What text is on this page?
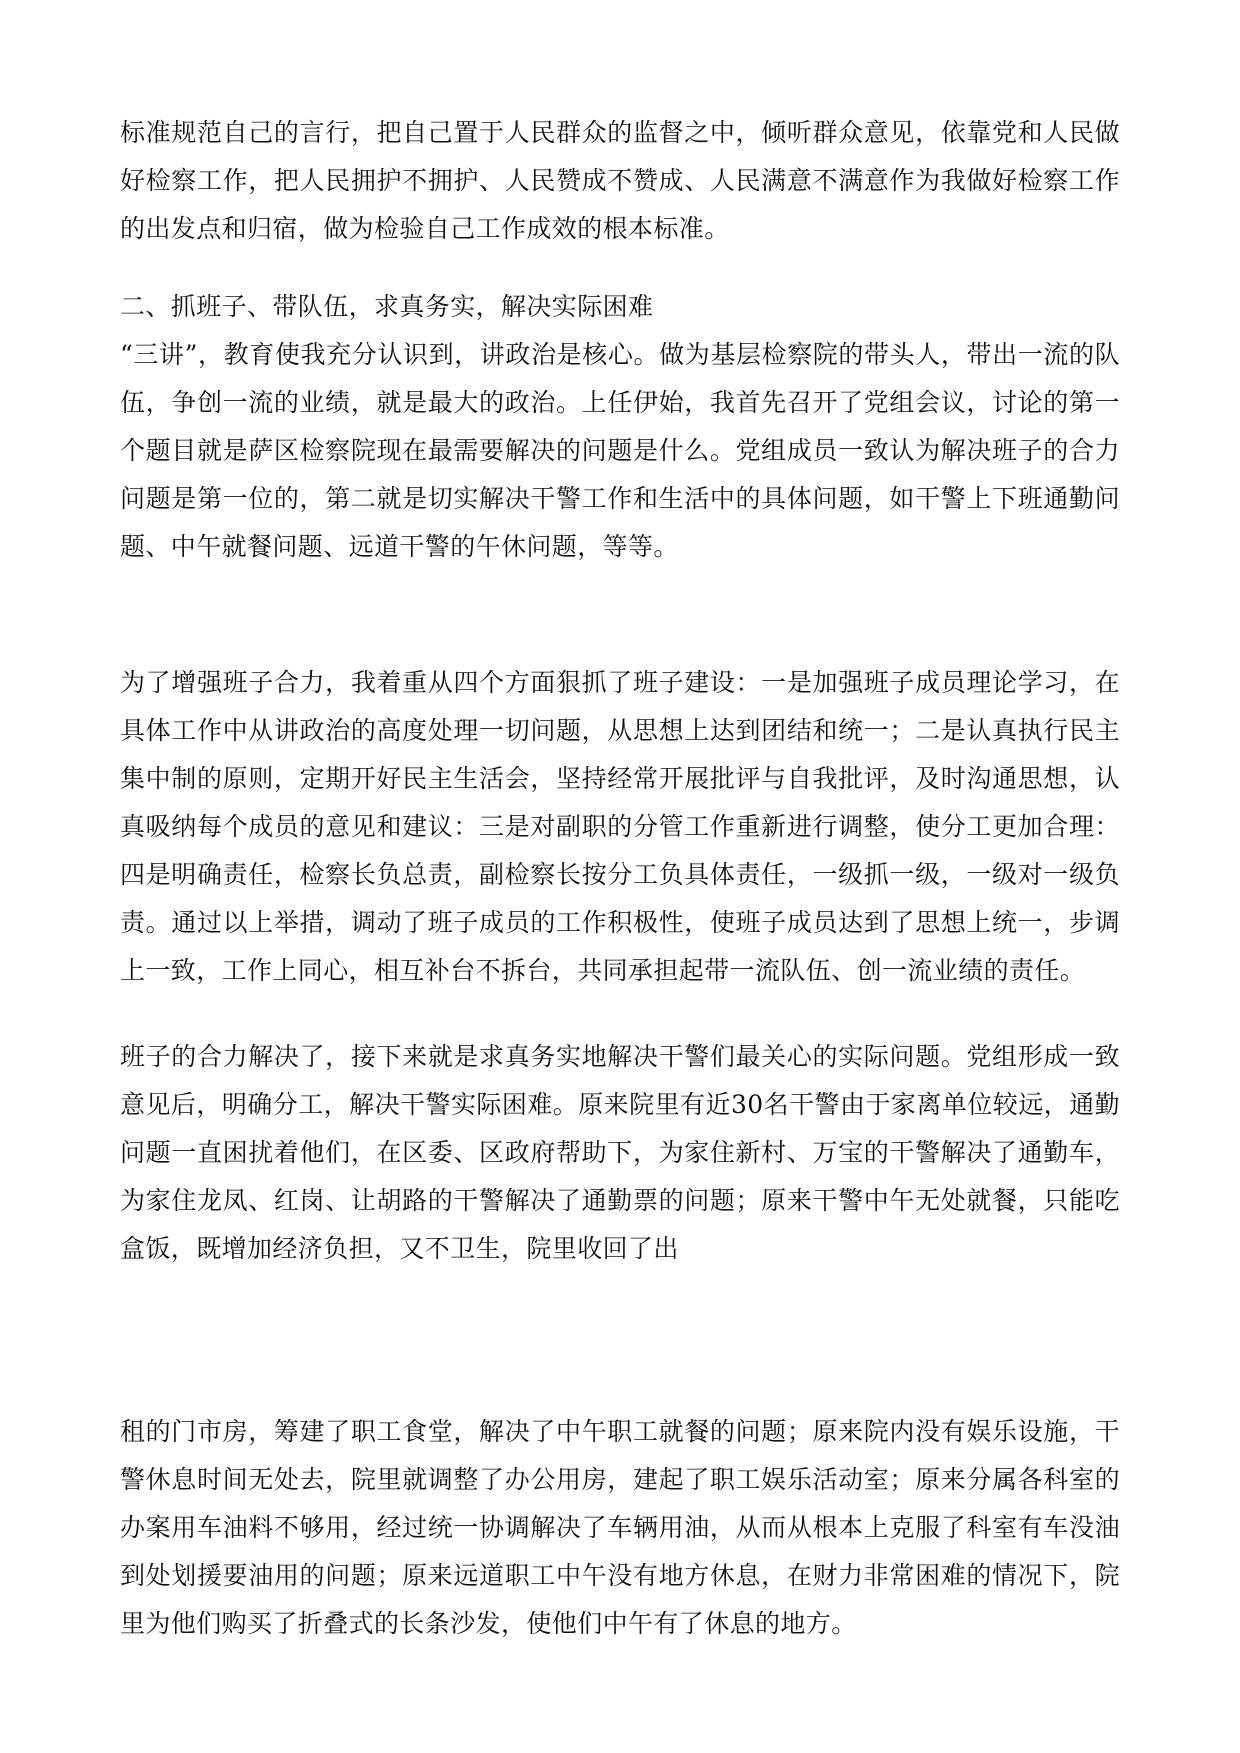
标准规范自己的言行，把自己置于人民群众的监督之中，倾听群众意见，依靠党和人民做好检察工作，把人民拥护不拥护、人民赞成不赞成、人民满意不满意作为我做好检察工作的出发点和归宿，做为检验自己工作成效的根本标准。

二、抓班子、带队伍，求真务实，解决实际困难

“三讲”，教育使我充分认识到，讲政治是核心。做为基层检察院的带头人，带出一流的队伍，争创一流的业绩，就是最大的政治。上任伊始，我首先召开了党组会议，讨论的第一个题目就是萨区检察院现在最需要解决的问题是什么。党组成员一致认为解决班子的合力问题是第一位的，第二就是切实解决干警工作和生活中的具体问题，如干警上下班通勤问题、中午就餐问题、远道干警的午休问题，等等。

为了增强班子合力，我着重从四个方面狠抓了班子建设：一是加强班子成员理论学习，在具体工作中从讲政治的高度处理一切问题，从思想上达到团结和统一；二是认真执行民主集中制的原则，定期开好民主生活会，坚持经常开展批评与自我批评，及时沟通思想，认真吸纳每个成员的意见和建议：三是对副职的分管工作重新进行调整，使分工更加合理：四是明确责任，检察长负总责，副检察长按分工负具体责任，一级抓一级，一级对一级负责。通过以上举措，调动了班子成员的工作积极性，使班子成员达到了思想上统一，步调上一致，工作上同心，相互补台不拆台，共同承担起带一流队伍、创一流业绩的责任。

班子的合力解决了，接下来就是求真务实地解决干警们最关心的实际问题。党组形成一致意见后，明确分工，解决干警实际困难。原来院里有近30名干警由于家离单位较远，通勤问题一直困扰着他们，在区委、区政府帮助下，为家住新村、万宝的干警解决了通勤车，为家住龙凤、红岗、让胡路的干警解决了通勤票的问题；原来干警中午无处就餐，只能吃盒饭，既增加经济负担，又不卫生，院里收回了出

租的门市房，筹建了职工食堂，解决了中午职工就餐的问题；原来院内没有娱乐设施，干警休息时间无处去，院里就调整了办公用房，建起了职工娱乐活动室；原来分属各科室的办案用车油料不够用，经过统一协调解决了车辆用油，从而从根本上克服了科室有车没油到处划援要油用的问题；原来远道职工中午没有地方休息，在财力非常困难的情况下，院里为他们购买了折叠式的长条沙发，使他们中午有了休息的地方。
